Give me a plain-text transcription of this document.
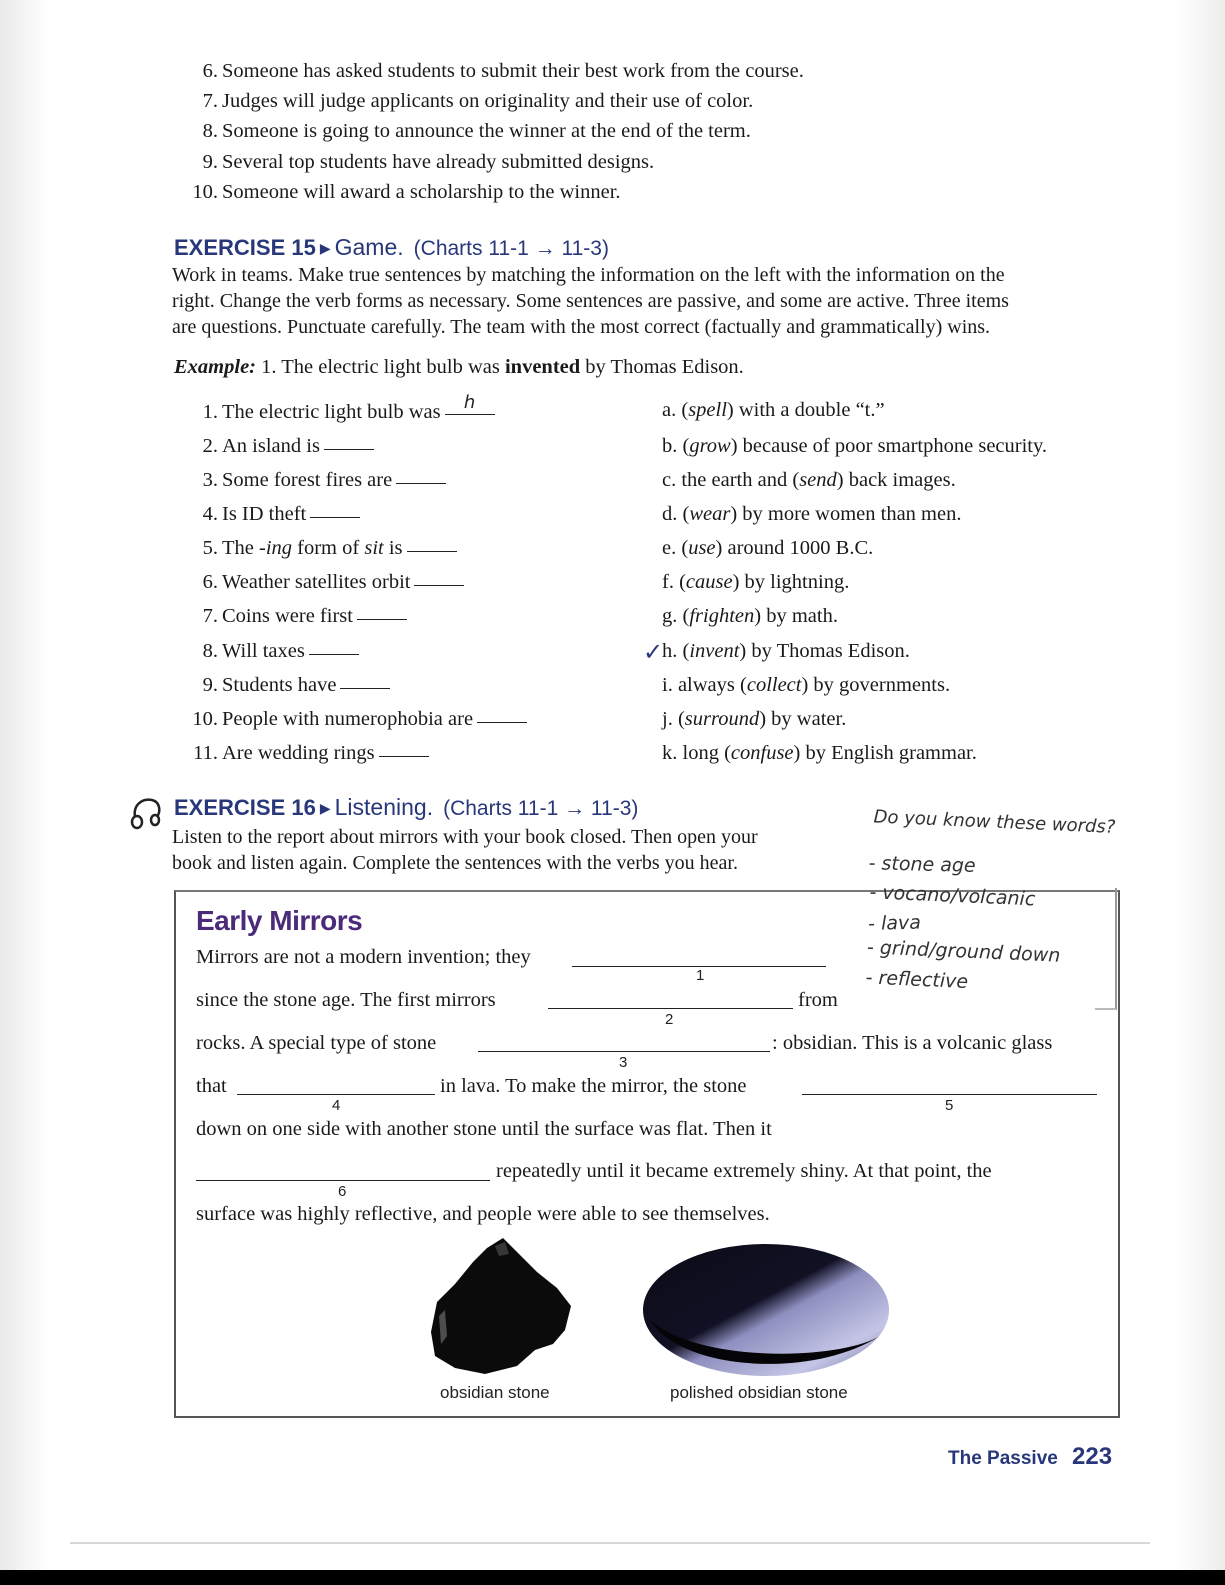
6. Someone has asked students to submit their best work from the course.
7. Judges will judge applicants on originality and their use of color.
8. Someone is going to announce the winner at the end of the term.
9. Several top students have already submitted designs.
10. Someone will award a scholarship to the winner.
EXERCISE 15 ▶ Game. (Charts 11-1 → 11-3)
Work in teams. Make true sentences by matching the information on the left with the information on the
right. Change the verb forms as necessary. Some sentences are passive, and some are active. Three items
are questions. Punctuate carefully. The team with the most correct (factually and grammatically) wins.
Example: 1. The electric light bulb was invented by Thomas Edison.
1. The electric light bulb was h
2. An island is
3. Some forest fires are
4. Is ID theft
5. The -ing form of sit is
6. Weather satellites orbit
7. Coins were first
8. Will taxes
9. Students have
10. People with numerophobia are
11. Are wedding rings
a. (spell) with a double “t.”
b. (grow) because of poor smartphone security.
c. the earth and (send) back images.
d. (wear) by more women than men.
e. (use) around 1000 B.C.
f. (cause) by lightning.
g. (frighten) by math.
h. (invent) by Thomas Edison.
i. always (collect) by governments.
j. (surround) by water.
k. long (confuse) by English grammar.
✓
EXERCISE 16 ▶ Listening. (Charts 11-1 → 11-3)
Listen to the report about mirrors with your book closed. Then open your
book and listen again. Complete the sentences with the verbs you hear.
Early Mirrors
Do you know these words?
- stone age
- vocano/volcanic
- lava
- grind/ground down
- reflective
Mirrors are not a modern invention; they
1
since the stone age. The first mirrors
2
from
rocks. A special type of stone
3
: obsidian. This is a volcanic glass
that
4
in lava. To make the mirror, the stone
5
down on one side with another stone until the surface was flat. Then it
6
repeatedly until it became extremely shiny. At that point, the
surface was highly reflective, and people were able to see themselves.
obsidian stone	polished obsidian stone
The Passive 223
